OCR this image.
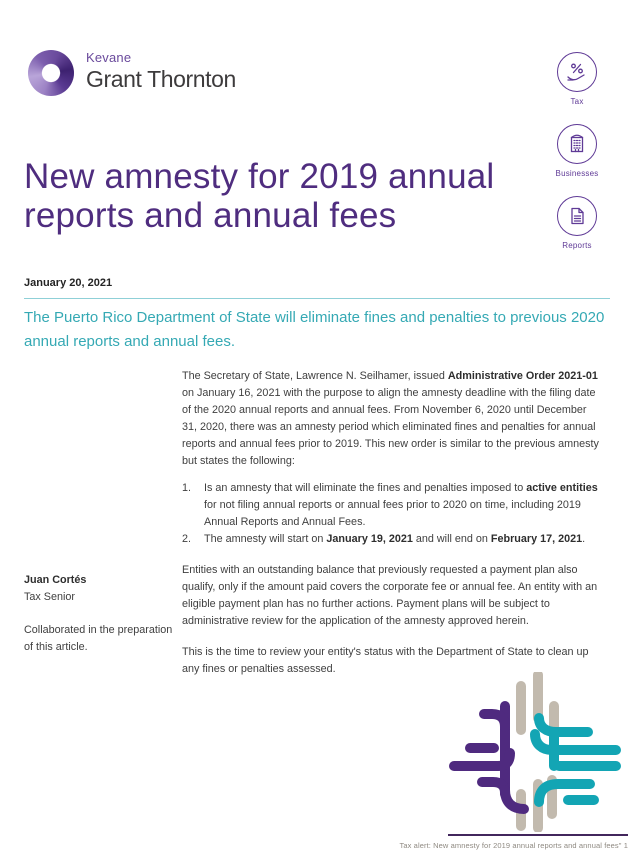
Kevane
Grant Thornton
Tax
Businesses
Reports
New amnesty for 2019 annual reports and annual fees
January 20, 2021
The Puerto Rico Department of State will eliminate fines and penalties to previous 2020 annual reports and annual fees.

The Secretary of State, Lawrence N. Seilhamer, issued Administrative Order 2021-01 on January 16, 2021 with the purpose to align the amnesty deadline with the filing date of the 2020 annual reports and annual fees. From November 6, 2020 until December 31, 2020, there was an amnesty period which eliminated fines and penalties for annual reports and annual fees prior to 2019. This new order is similar to the previous amnesty but states the following:

1.	Is an amnesty that will eliminate the fines and penalties imposed to active entities for not filing annual reports or annual fees prior to 2020 on time, including 2019 Annual Reports and Annual Fees.
2.	The amnesty will start on January 19, 2021 and will end on February 17, 2021.

Entities with an outstanding balance that previously requested a payment plan also qualify, only if the amount paid covers the corporate fee or annual fee. An entity with an eligible payment plan has no further actions. Payment plans will be subject to administrative review for the application of the amnesty approved herein.

This is the time to review your entity's status with the Department of State to clean up any fines or penalties assessed.

Juan Cortés
Tax Senior
Collaborated in the preparation of this article.
Tax alert: New amnesty for 2019 annual reports and annual fees" 1
